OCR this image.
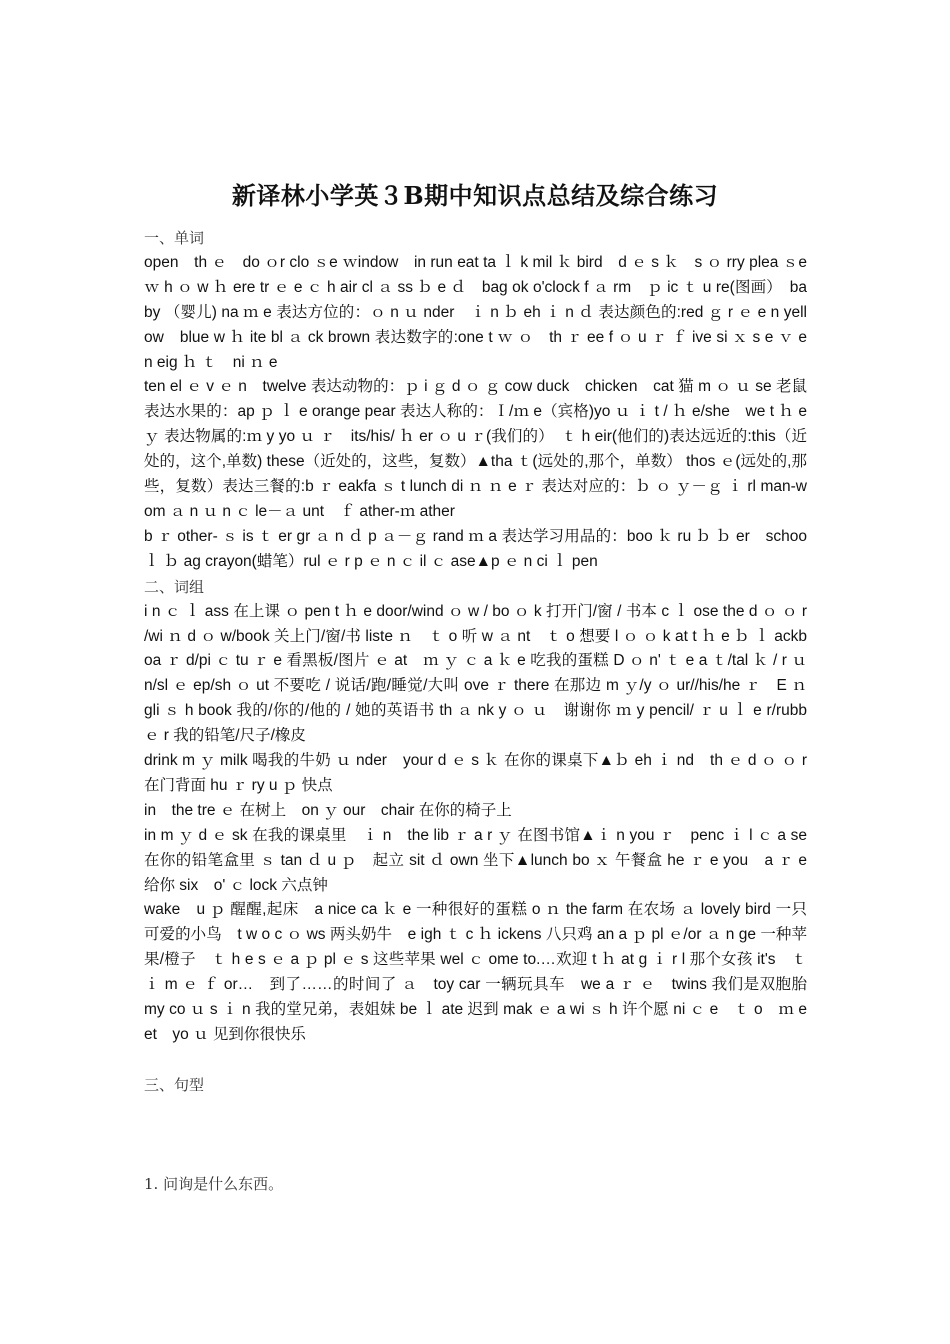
新译林小学英３B期中知识点总结及综合练习

一、单词

open　th ｅ　do ｏr clo ｓe ｗindow　in run eat ta ｌ k mil ｋ bird　d ｅ s ｋ　s ｏ rry plea ｓe ｗ h ｏ w ｈ ere tr ｅ e ｃ h air cl ａ ss ｂ e ｄ　bag ok o'clock f ａ rm　ｐ ic ｔ u re(图画）　baby （婴儿) na ｍ e 表达方位的：ｏ n ｕ nder　ｉ n ｂ eh ｉ n ｄ 表达颜色的:red ｇ r ｅ e n yellow　blue w ｈ ite bl ａ ck brown 表达数字的:one t ｗ ｏ　th ｒ ee f ｏ u ｒ ｆ ive si ｘ s e ｖ e n eig ｈ ｔ　ni ｎ e

ten el ｅ v ｅ n　twelve 表达动物的：ｐ i ｇ d ｏ ｇ cow duck　chicken　cat 猫 m ｏ ｕ se 老鼠 表达水果的：ap ｐ ｌ e orange pear 表达人称的：Ｉ/ｍ e（宾格)yo ｕ ｉ t / ｈ e/she　we t ｈ e ｙ 表达物属的:ｍ y yo ｕ ｒ　its/his/ ｈ er ｏ u ｒ(我们的）　ｔ h eir(他们的)表达远近的:this（近处的，这个,单数) these（近处的，这些，复数）▲tha ｔ(远处的,那个，单数） thos ｅ(远处的,那些，复数）表达三餐的:b ｒ eakfa ｓ t lunch di ｎ ｎ e ｒ 表达对应的：ｂ ｏ ｙ－ｇ ｉ rl man-wom ａ n ｕ n ｃ le－ａ unt　ｆ ather-ｍ ather

b ｒ other- ｓ is ｔ er gr ａ n ｄ p ａ－ｇ rand ｍ a 表达学习用品的：boo ｋ ru ｂ ｂ er　schoo ｌ ｂ ag crayon(蜡笔）rul ｅ r p ｅ n ｃ il ｃ ase▲p ｅ n ci ｌ pen

二、词组

i n ｃ ｌ ass 在上课 ｏ pen t ｈ e door/wind ｏ w / bo ｏ k 打开门/窗 / 书本 c ｌ ose the d ｏ ｏ r /wi ｎ d ｏ w/book 关上门/窗/书 liste ｎ　ｔ o 听 w ａ nt　ｔ o 想要 l ｏ ｏ k at t ｈ e ｂ ｌ ackboa ｒ d/pi ｃ tu ｒ e 看黑板/图片 ｅ at　ｍ ｙ ｃ a ｋ e 吃我的蛋糕 D ｏ n' ｔ e a ｔ/tal ｋ / r ｕ n/sl ｅ ep/sh ｏ ut 不要吃 / 说话/跑/睡觉/大叫 ove ｒ there 在那边 m ｙ/y ｏ ur//his/he ｒ　E ｎ gli ｓ h book 我的/你的/他的 / 她的英语书 th ａ nk y ｏ ｕ　谢谢你 ｍ y pencil/ ｒ u ｌ e r/rubb ｅ r 我的铅笔/尺子/橡皮

drink m ｙ milk 喝我的牛奶 ｕ nder　your d ｅ s ｋ 在你的课桌下▲ｂ eh ｉ nd　th ｅ d ｏ ｏ r 在门背面 hu ｒ ry u ｐ 快点

in　the tre ｅ 在树上　on ｙ our　chair 在你的椅子上

in m ｙ d ｅ sk 在我的课桌里　ｉ n　the lib ｒ a r ｙ 在图书馆▲ｉ n you ｒ　penc ｉ l ｃ a se 在你的铅笔盒里 ｓ tan ｄ u ｐ　起立 sit ｄ own 坐下▲lunch bo ｘ 午餐盒 he ｒ e you　a ｒ e 给你 six　o' ｃ lock 六点钟

wake　u ｐ 醒醒,起床　a nice ca ｋ e 一种很好的蛋糕 o ｎ the farm 在农场 ａ lovely bird 一只可爱的小鸟　t w o c ｏ ws 两头奶牛　e igh ｔ c ｈ ickens 八只鸡 an a ｐ pl ｅ/or ａ n ge 一种苹果/橙子　ｔ h e s ｅ a ｐ pl ｅ s 这些苹果 wel ｃ ome to.…欢迎 t ｈ at g ｉ r l 那个女孩 it's　ｔ ｉ m ｅ ｆ or…　到了……的时间了 ａ　toy car 一辆玩具车　we a ｒ ｅ　twins 我们是双胞胎　my co ｕ s ｉ n 我的堂兄弟，表姐妹 be ｌ ate 迟到 mak ｅ a wi ｓ h 许个愿 ni ｃ e　ｔ o　ｍ eet　yo ｕ 见到你很快乐

三、句型

1. 问询是什么东西。
